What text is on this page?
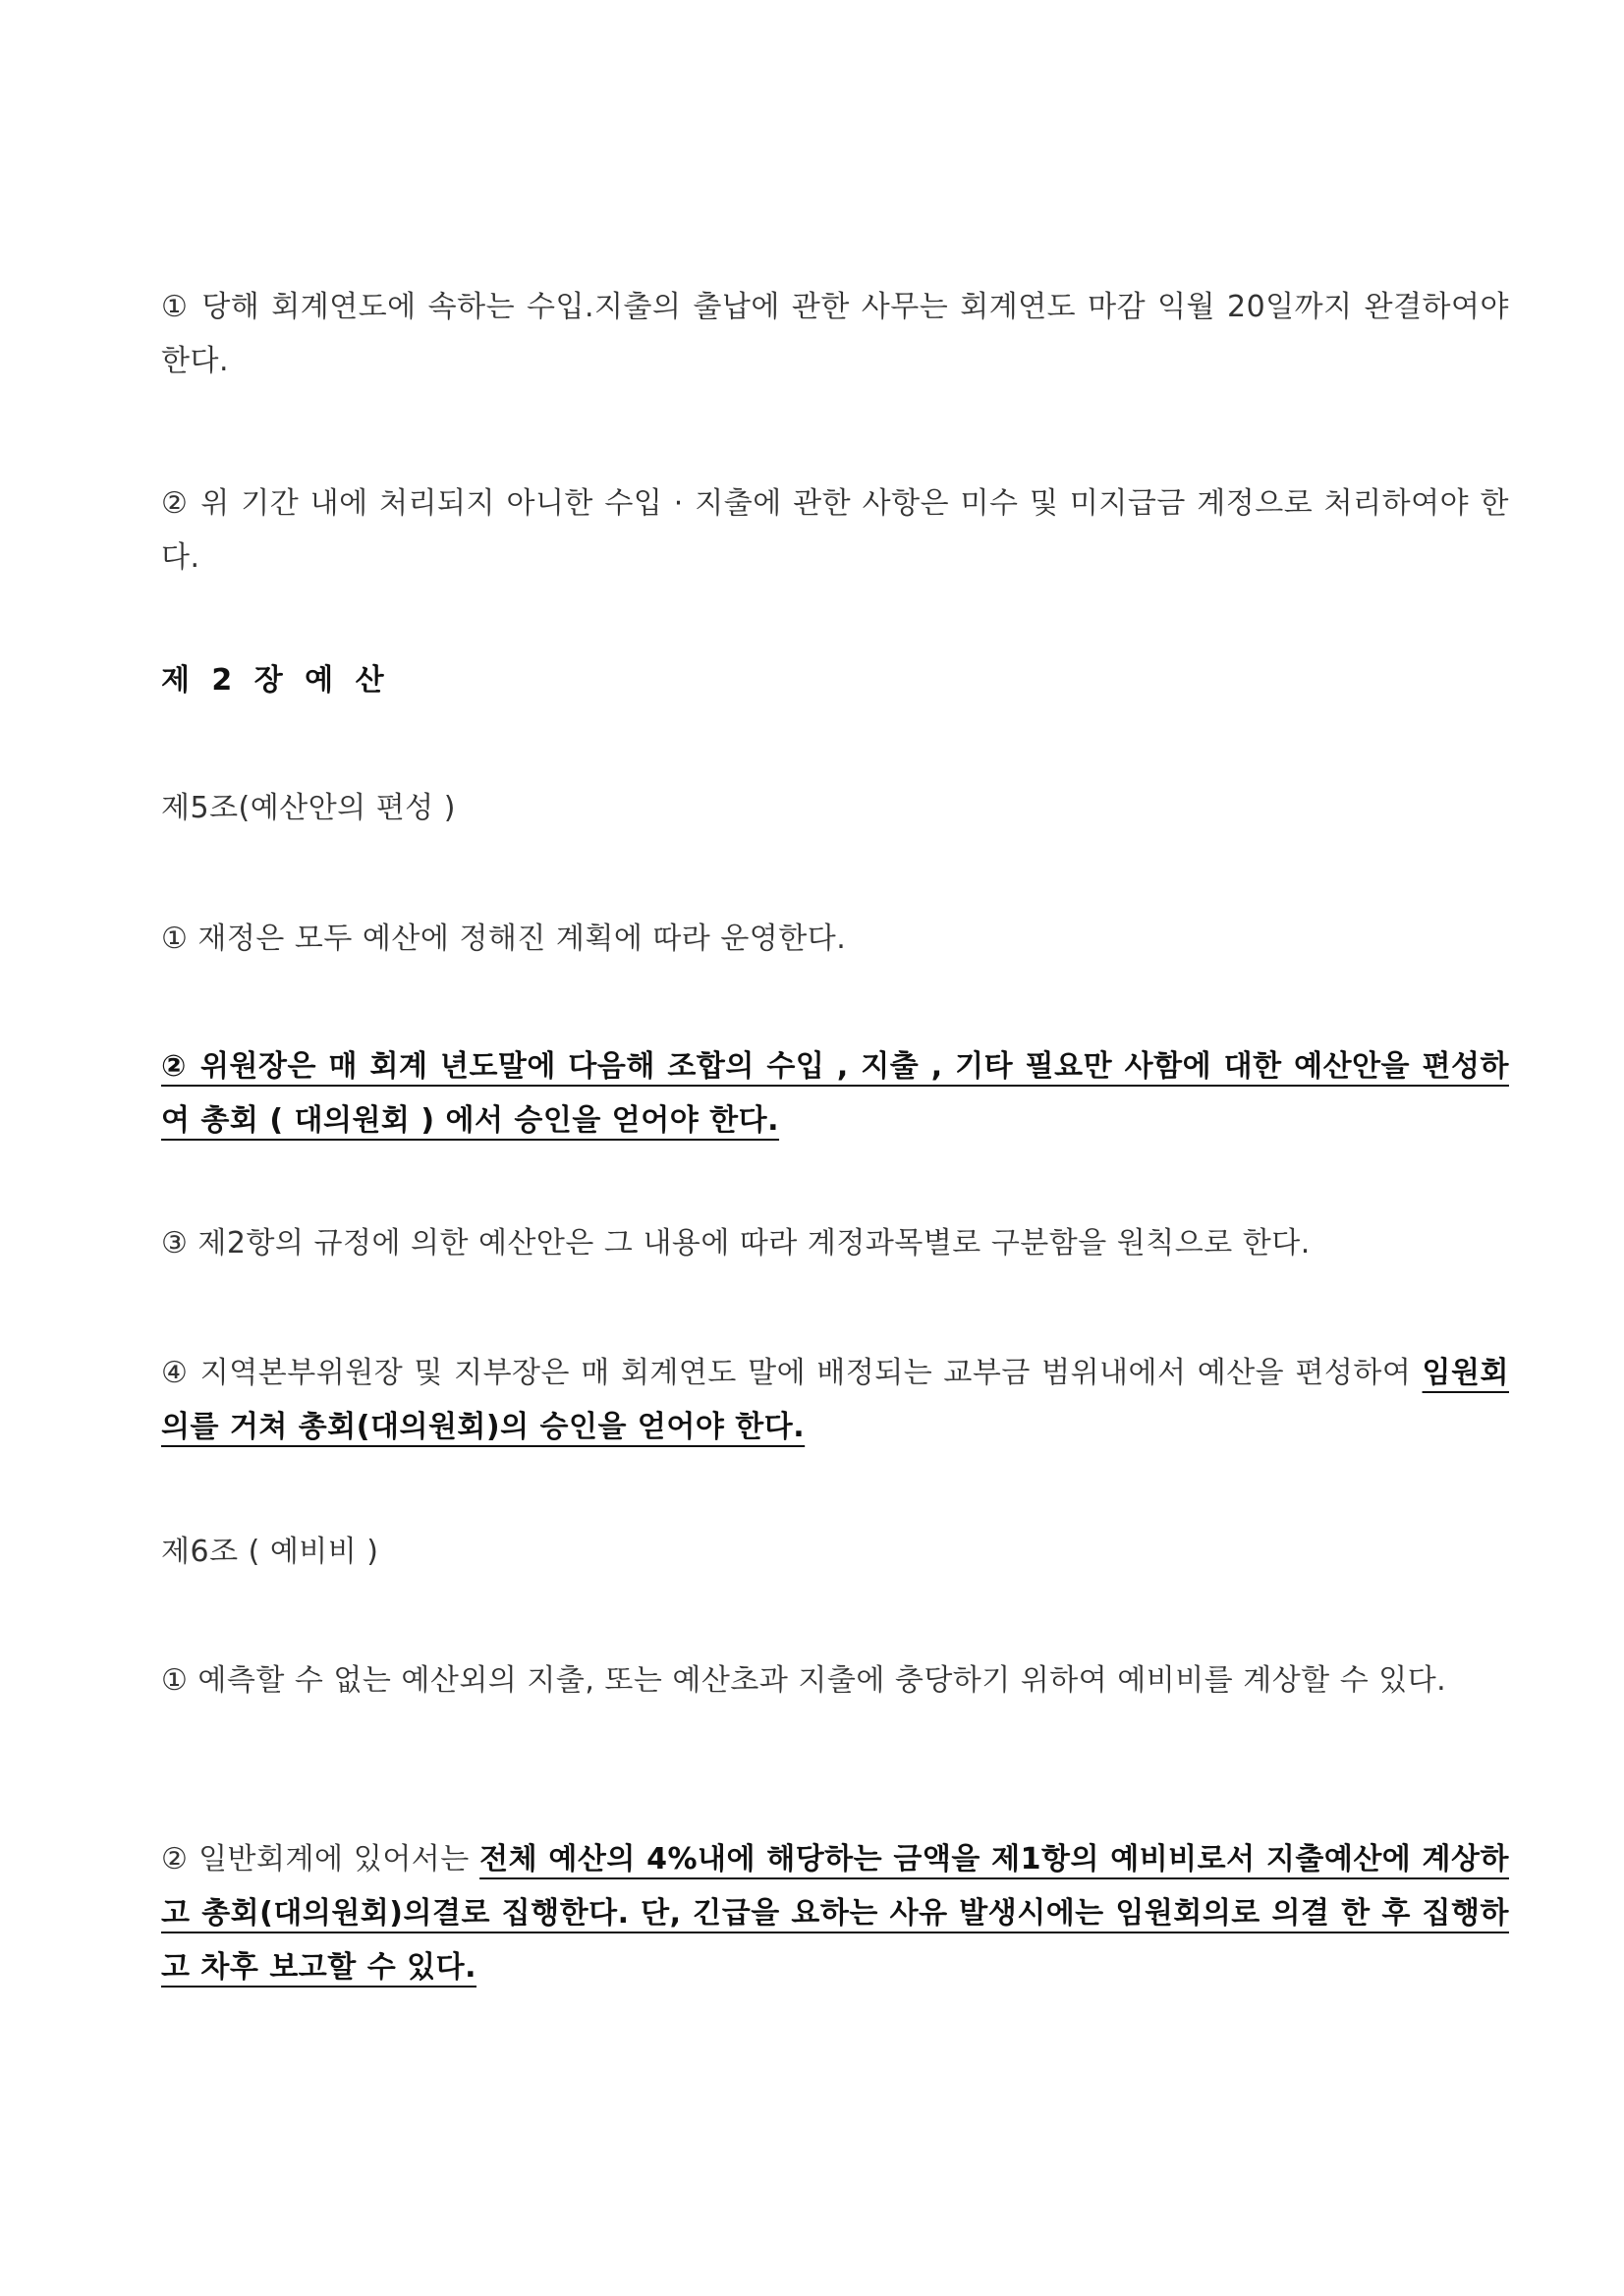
① 당해 회계연도에 속하는 수입.지출의 출납에 관한 사무는 회계연도 마감 익월 20일까지 완결하여야 한다.
② 위 기간 내에 처리되지 아니한 수입 · 지출에 관한 사항은 미수 및 미지급금 계정으로 처리하여야 한다.
제 2 장 예 산
제5조(예산안의 편성 )
① 재정은 모두 예산에 정해진 계획에 따라 운영한다.
② 위원장은 매 회계 년도말에 다음해 조합의 수입 , 지출 , 기타 필요만 사함에 대한 예산안을 편성하여 총회 ( 대의원회 ) 에서 승인을 얻어야 한다.
③ 제2항의 규정에 의한 예산안은 그 내용에 따라 계정과목별로 구분함을 원칙으로 한다.
④ 지역본부위원장 및 지부장은 매 회계연도 말에 배정되는 교부금 범위내에서 예산을 편성하여 임원회의를 거쳐 총회(대의원회)의 승인을 얻어야 한다.
제6조 ( 예비비 )
① 예측할 수 없는 예산외의 지출, 또는 예산초과 지출에 충당하기 위하여 예비비를 계상할 수 있다.
② 일반회계에 있어서는 전체 예산의 4%내에 해당하는 금액을 제1항의 예비비로서 지출예산에 계상하고 총회(대의원회)의결로 집행한다. 단, 긴급을 요하는 사유 발생시에는 임원회의로 의결 한 후 집행하고 차후 보고할 수 있다.
